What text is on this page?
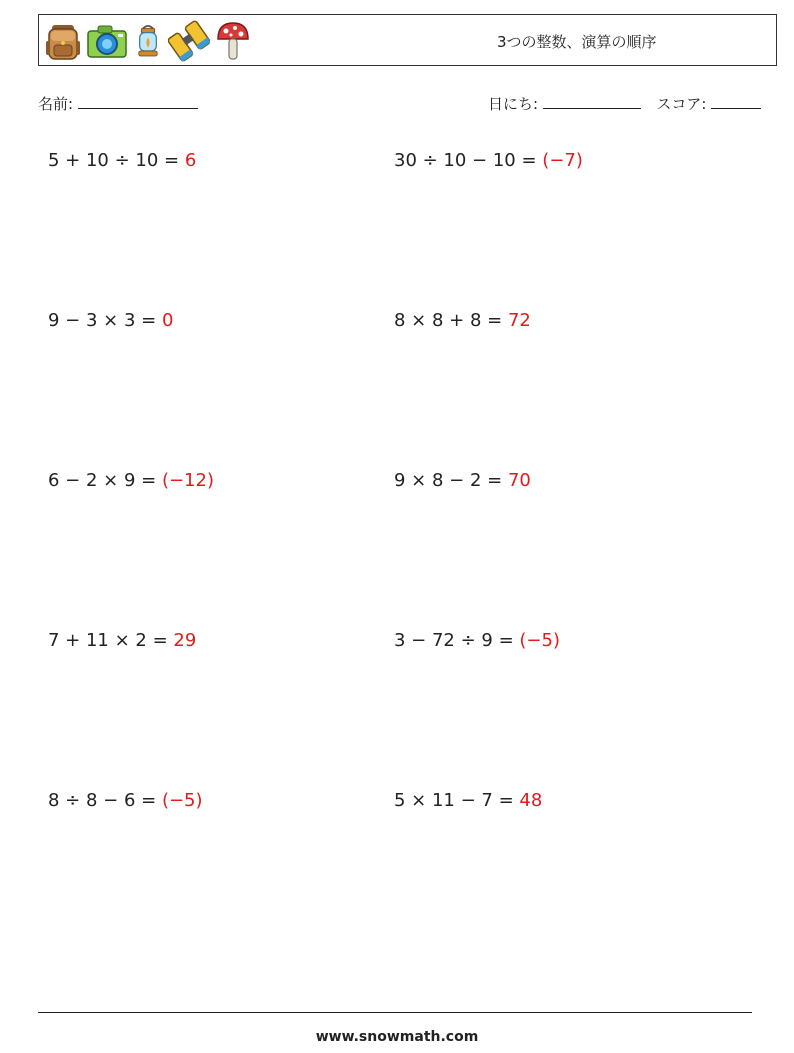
3つの整数、演算の順序
名前:	日にち:	スコア:
5 + 10 ÷ 10 = 6	30 ÷ 10 − 10 = (−7)
9 − 3 × 3 = 0	8 × 8 + 8 = 72
6 − 2 × 9 = (−12)	9 × 8 − 2 = 70
7 + 11 × 2 = 29	3 − 72 ÷ 9 = (−5)
8 ÷ 8 − 6 = (−5)	5 × 11 − 7 = 48
www.snowmath.com
